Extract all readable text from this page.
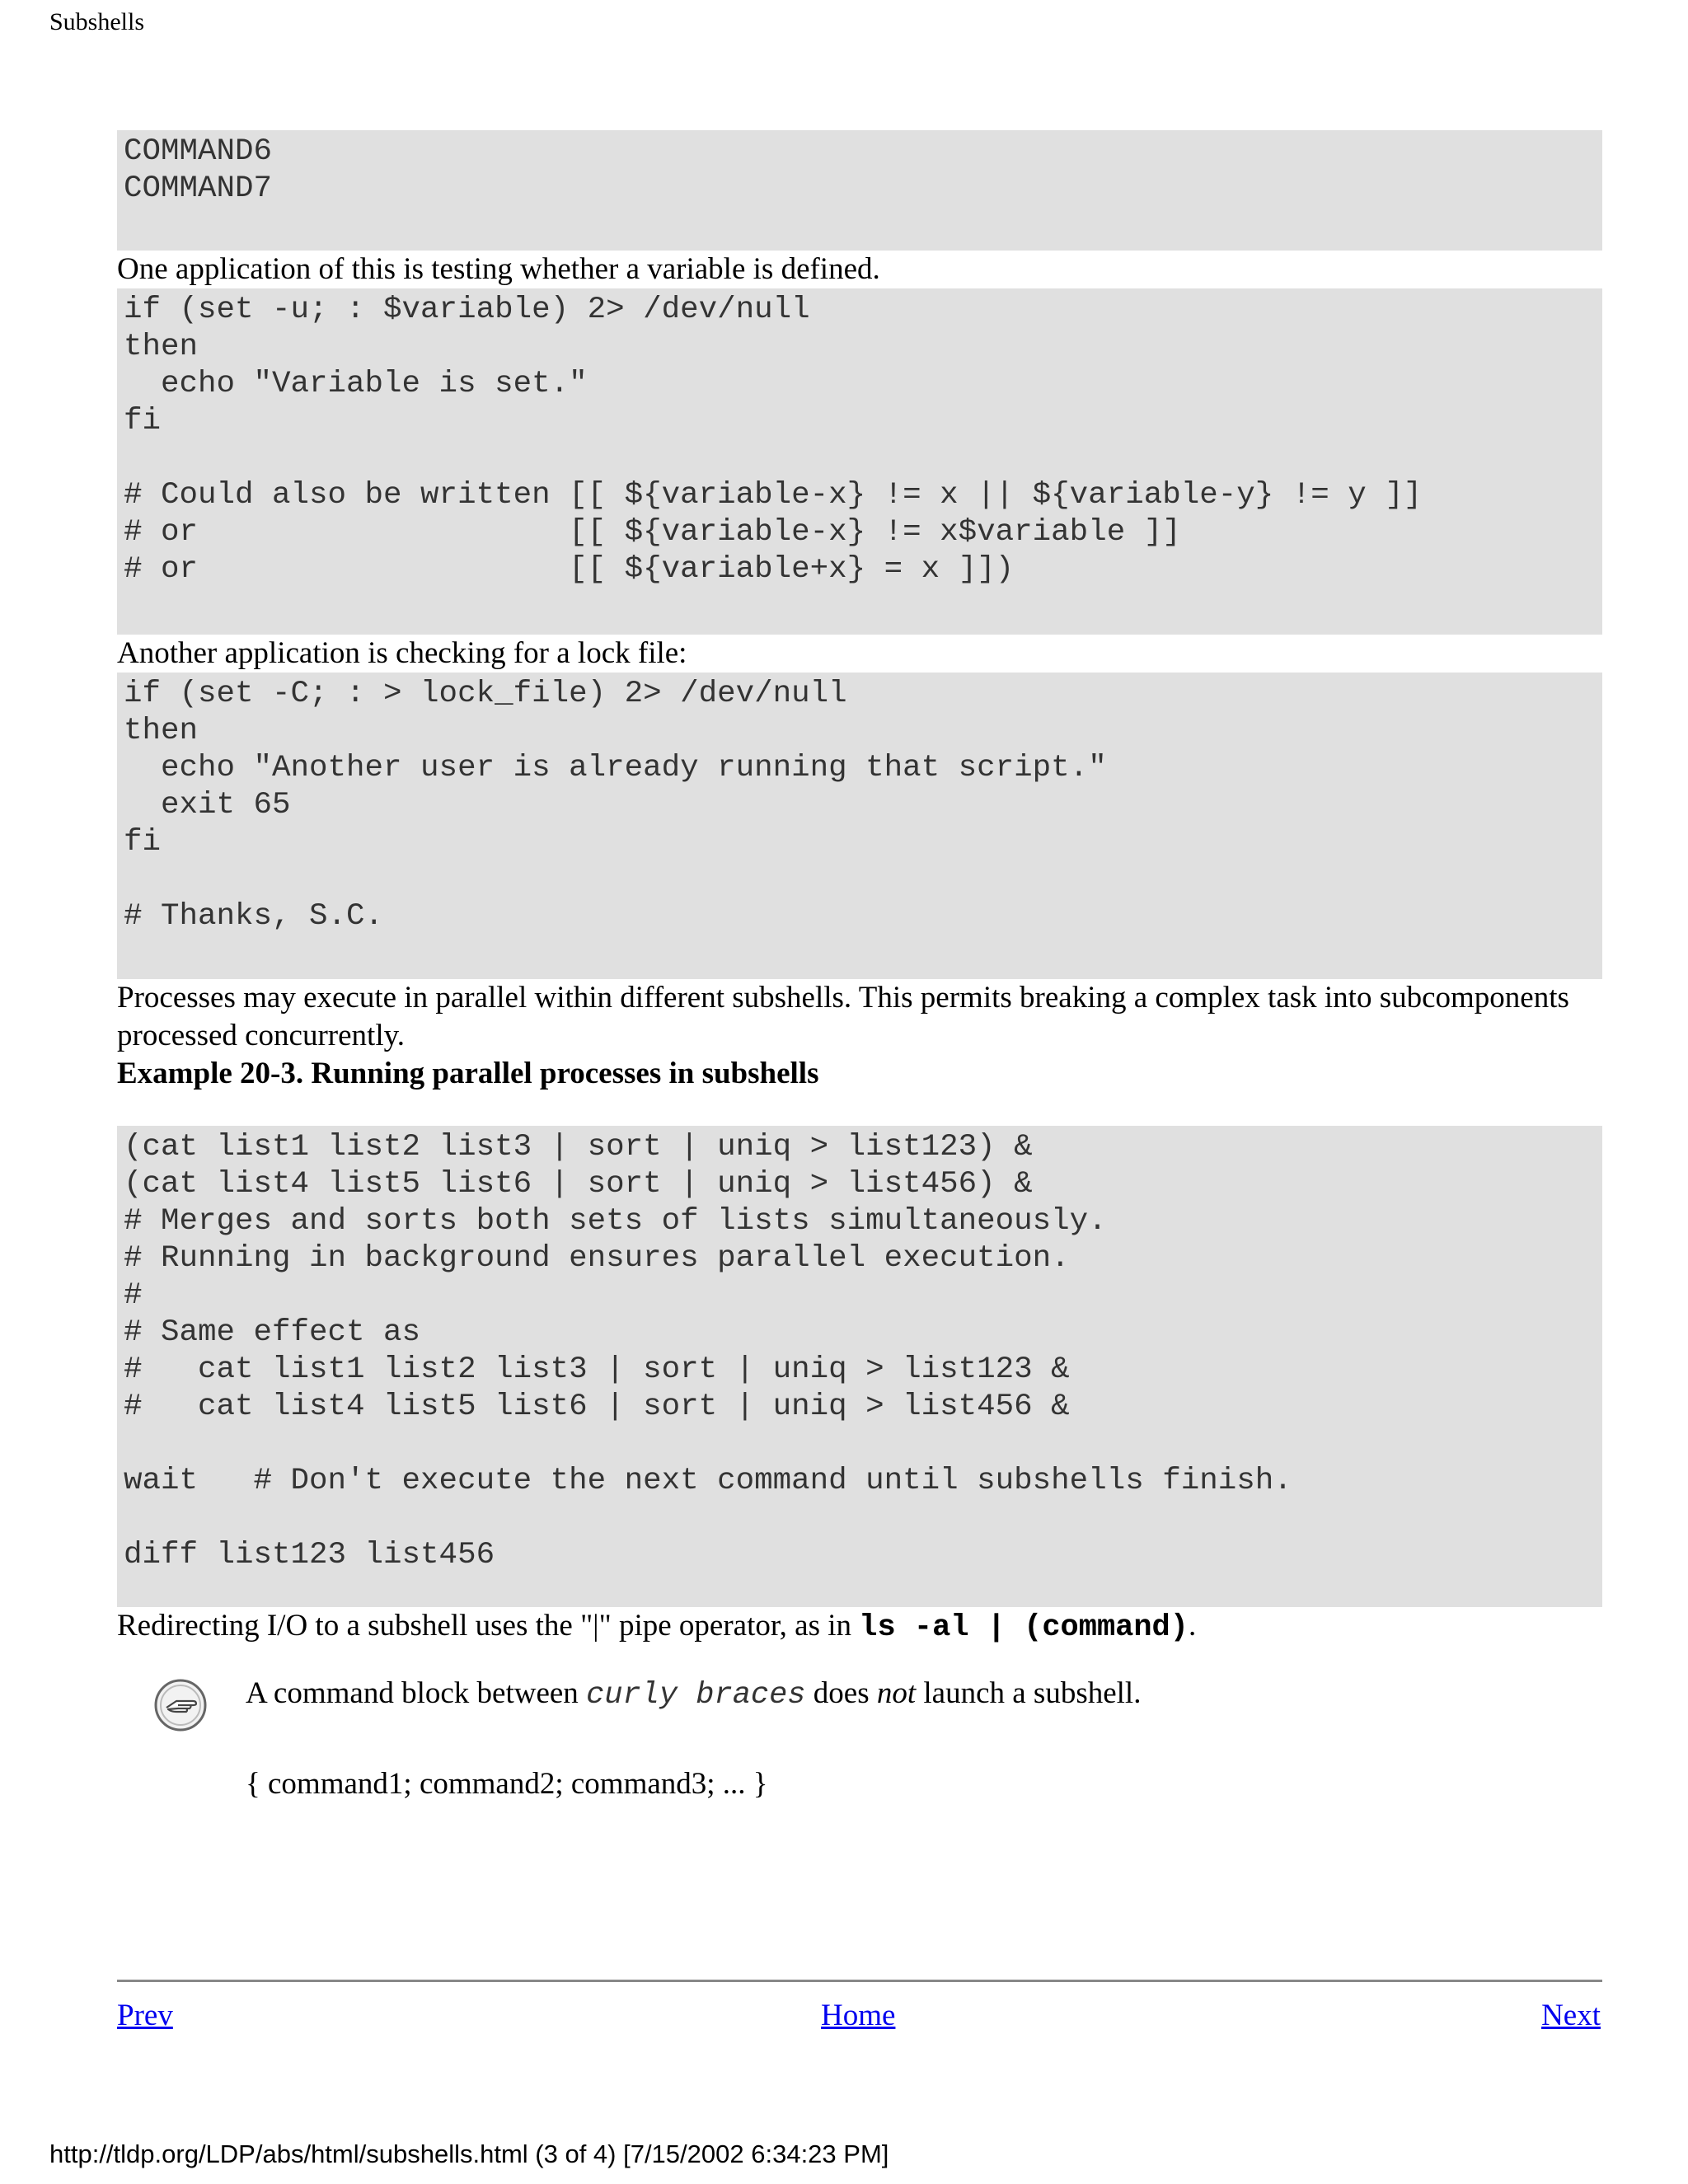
Subshells
COMMAND6
COMMAND7

One application of this is testing whether a variable is defined.

if (set -u; : $variable) 2> /dev/null
then
echo "Variable is set."
fi

# Could also be written [[ ${variable-x} != x || ${variable-y} != y ]]
# or                    [[ ${variable-x} != x$variable ]]
# or                    [[ ${variable+x} = x ]])

Another application is checking for a lock file:

if (set -C; : > lock_file) 2> /dev/null
then
echo "Another user is already running that script."
exit 65
fi

# Thanks, S.C.

Processes may execute in parallel within different subshells. This permits breaking a complex task into subcomponents processed concurrently.

Example 20-3. Running parallel processes in subshells

(cat list1 list2 list3 | sort | uniq > list123) &
(cat list4 list5 list6 | sort | uniq > list456) &
# Merges and sorts both sets of lists simultaneously.
# Running in background ensures parallel execution.
#
# Same effect as
#   cat list1 list2 list3 | sort | uniq > list123 &
#   cat list4 list5 list6 | sort | uniq > list456 &

wait   # Don't execute the next command until subshells finish.

diff list123 list456

Redirecting I/O to a subshell uses the "|" pipe operator, as in ls -al | (command).

A command block between curly braces does not launch a subshell.
{ command1; command2; command3; ... }
Prev	Home	Next
http://tldp.org/LDP/abs/html/subshells.html (3 of 4) [7/15/2002 6:34:23 PM]
